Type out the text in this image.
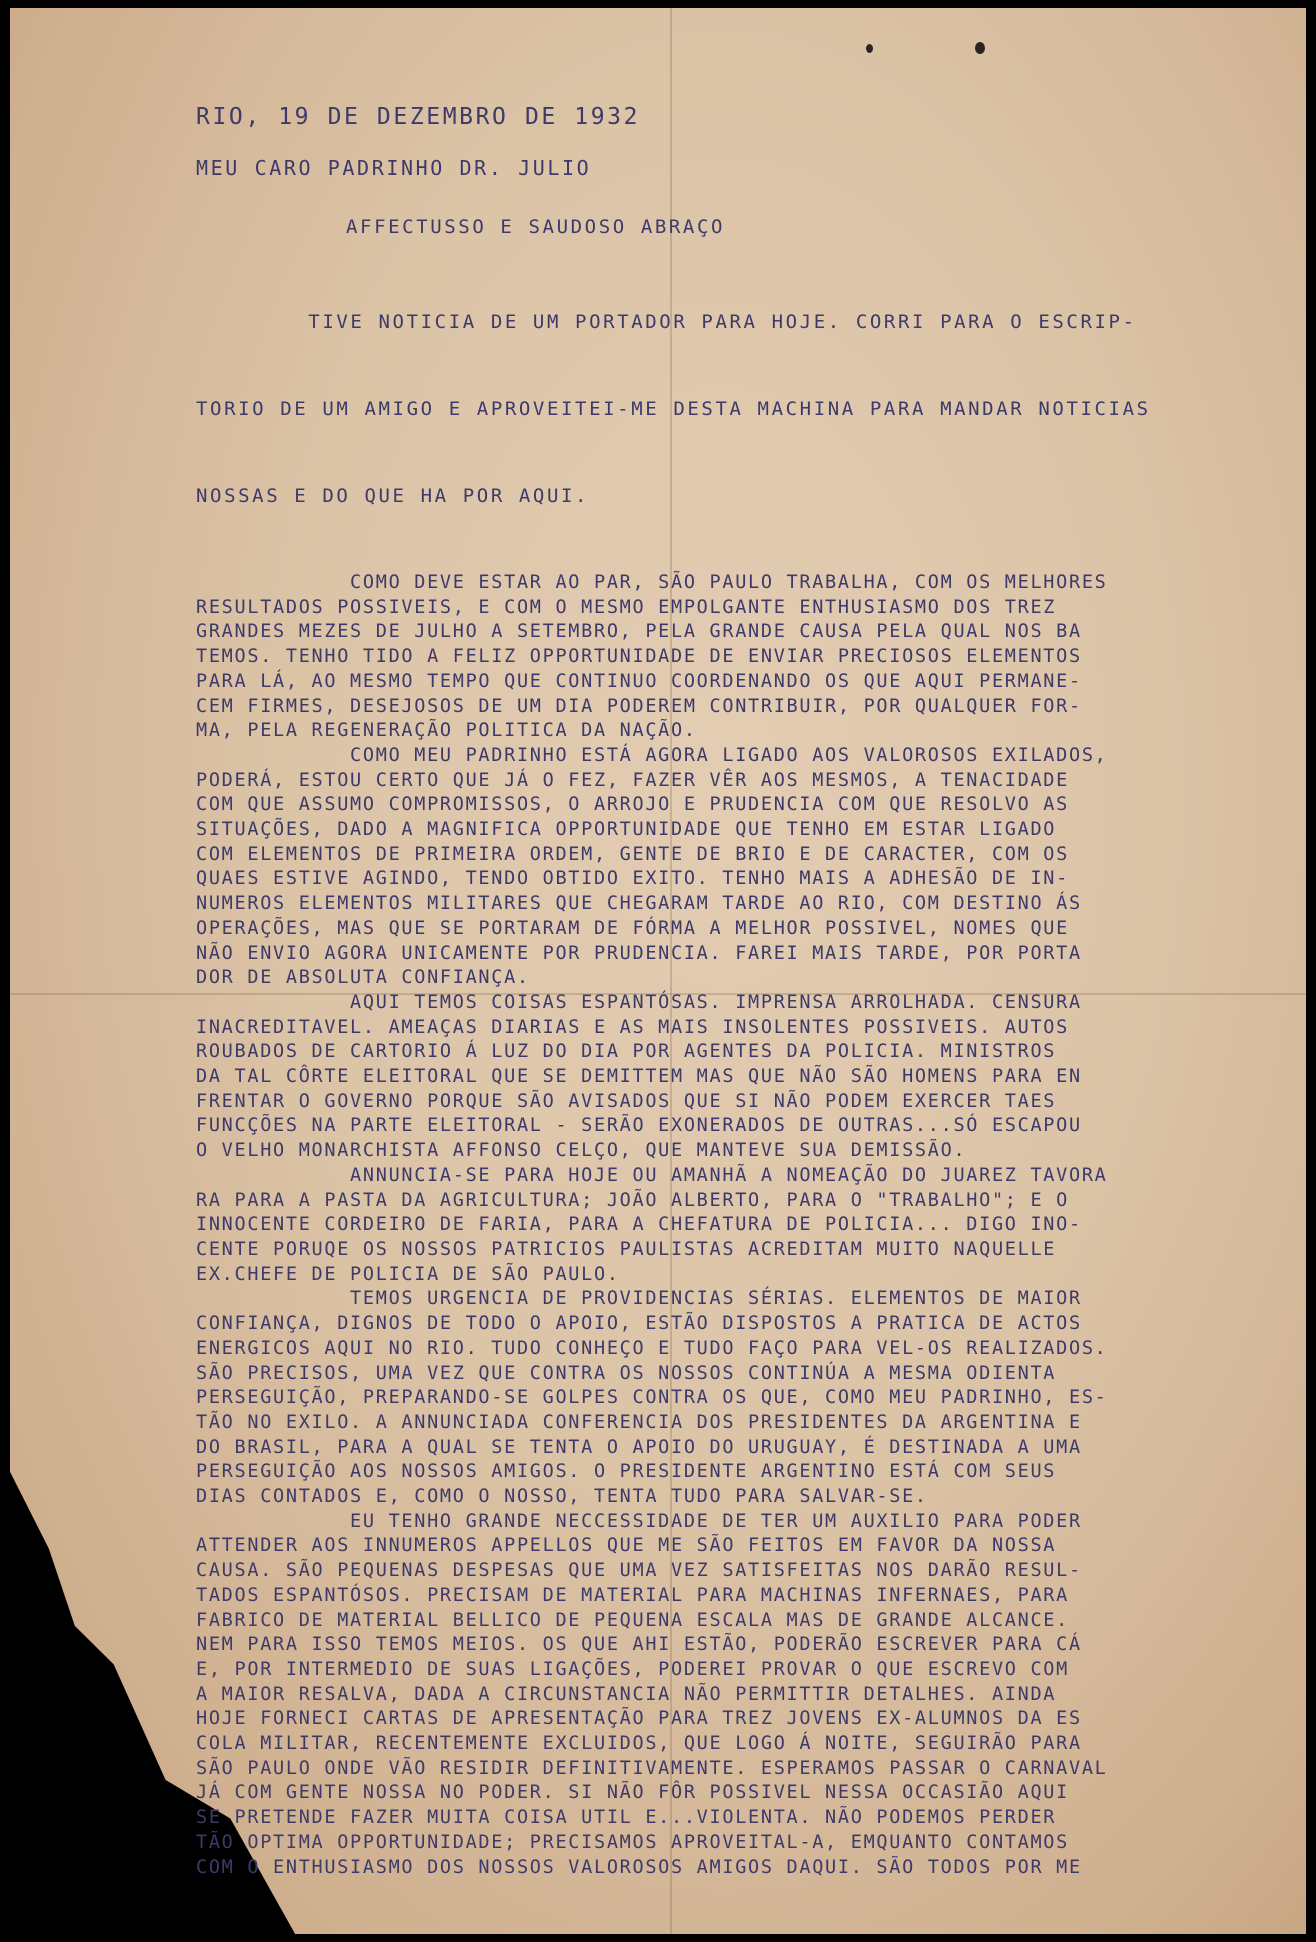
RIO, 19 DE DEZEMBRO DE 1932
MEU CARO PADRINHO DR. JULIO
AFFECTUSSO E SAUDOSO ABRAÇO

TIVE NOTICIA DE UM PORTADOR PARA HOJE. CORRI PARA O ESCRIP-

TORIO DE UM AMIGO E APROVEITEI-ME DESTA MACHINA PARA MANDAR NOTICIAS

NOSSAS E DO QUE HA POR AQUI.

COMO DEVE ESTAR AO PAR, SÃO PAULO TRABALHA, COM OS MELHORES
RESULTADOS POSSIVEIS, E COM O MESMO EMPOLGANTE ENTHUSIASMO DOS TREZ
GRANDES MEZES DE JULHO A SETEMBRO, PELA GRANDE CAUSA PELA QUAL NOS BA
TEMOS. TENHO TIDO A FELIZ OPPORTUNIDADE DE ENVIAR PRECIOSOS ELEMENTOS
PARA LÁ, AO MESMO TEMPO QUE CONTINUO COORDENANDO OS QUE AQUI PERMANE-
CEM FIRMES, DESEJOSOS DE UM DIA PODEREM CONTRIBUIR, POR QUALQUER FOR-
MA, PELA REGENERAÇÃO POLITICA DA NAÇÃO.
COMO MEU PADRINHO ESTÁ AGORA LIGADO AOS VALOROSOS EXILADOS,
PODERÁ, ESTOU CERTO QUE JÁ O FEZ, FAZER VÊR AOS MESMOS, A TENACIDADE
COM QUE ASSUMO COMPROMISSOS, O ARROJO E PRUDENCIA COM QUE RESOLVO AS
SITUAÇÕES, DADO A MAGNIFICA OPPORTUNIDADE QUE TENHO EM ESTAR LIGADO
COM ELEMENTOS DE PRIMEIRA ORDEM, GENTE DE BRIO E DE CARACTER, COM OS
QUAES ESTIVE AGINDO, TENDO OBTIDO EXITO. TENHO MAIS A ADHESÃO DE IN-
NUMEROS ELEMENTOS MILITARES QUE CHEGARAM TARDE AO RIO, COM DESTINO ÁS
OPERAÇÕES, MAS QUE SE PORTARAM DE FÓRMA A MELHOR POSSIVEL, NOMES QUE
NÃO ENVIO AGORA UNICAMENTE POR PRUDENCIA. FAREI MAIS TARDE, POR PORTA
DOR DE ABSOLUTA CONFIANÇA.
AQUI TEMOS COISAS ESPANTÓSAS. IMPRENSA ARROLHADA. CENSURA
INACREDITAVEL. AMEAÇAS DIARIAS E AS MAIS INSOLENTES POSSIVEIS. AUTOS
ROUBADOS DE CARTORIO Á LUZ DO DIA POR AGENTES DA POLICIA. MINISTROS
DA TAL CÔRTE ELEITORAL QUE SE DEMITTEM MAS QUE NÃO SÃO HOMENS PARA EN
FRENTAR O GOVERNO PORQUE SÃO AVISADOS QUE SI NÃO PODEM EXERCER TAES
FUNCÇÕES NA PARTE ELEITORAL - SERÃO EXONERADOS DE OUTRAS...SÓ ESCAPOU
O VELHO MONARCHISTA AFFONSO CELÇO, QUE MANTEVE SUA DEMISSÃO.
ANNUNCIA-SE PARA HOJE OU AMANHÃ A NOMEAÇÃO DO JUAREZ TAVORA
RA PARA A PASTA DA AGRICULTURA; JOÃO ALBERTO, PARA O "TRABALHO"; E O
INNOCENTE CORDEIRO DE FARIA, PARA A CHEFATURA DE POLICIA... DIGO INO-
CENTE PORUQE OS NOSSOS PATRICIOS PAULISTAS ACREDITAM MUITO NAQUELLE
EX.CHEFE DE POLICIA DE SÃO PAULO.
TEMOS URGENCIA DE PROVIDENCIAS SÉRIAS. ELEMENTOS DE MAIOR
CONFIANÇA, DIGNOS DE TODO O APOIO, ESTÃO DISPOSTOS A PRATICA DE ACTOS
ENERGICOS AQUI NO RIO. TUDO CONHEÇO E TUDO FAÇO PARA VEL-OS REALIZADOS.
SÃO PRECISOS, UMA VEZ QUE CONTRA OS NOSSOS CONTINÚA A MESMA ODIENTA
PERSEGUIÇÃO, PREPARANDO-SE GOLPES CONTRA OS QUE, COMO MEU PADRINHO, ES-
TÃO NO EXILO. A ANNUNCIADA CONFERENCIA DOS PRESIDENTES DA ARGENTINA E
DO BRASIL, PARA A QUAL SE TENTA O APOIO DO URUGUAY, É DESTINADA A UMA
PERSEGUIÇÃO AOS NOSSOS AMIGOS. O PRESIDENTE ARGENTINO ESTÁ COM SEUS
DIAS CONTADOS E, COMO O NOSSO, TENTA TUDO PARA SALVAR-SE.
EU TENHO GRANDE NECCESSIDADE DE TER UM AUXILIO PARA PODER
ATTENDER AOS INNUMEROS APPELLOS QUE ME SÃO FEITOS EM FAVOR DA NOSSA
CAUSA. SÃO PEQUENAS DESPESAS QUE UMA VEZ SATISFEITAS NOS DARÃO RESUL-
TADOS ESPANTÓSOS. PRECISAM DE MATERIAL PARA MACHINAS INFERNAES, PARA
FABRICO DE MATERIAL BELLICO DE PEQUENA ESCALA MAS DE GRANDE ALCANCE.
NEM PARA ISSO TEMOS MEIOS. OS QUE AHI ESTÃO, PODERÃO ESCREVER PARA CÁ
E, POR INTERMEDIO DE SUAS LIGAÇÕES, PODEREI PROVAR O QUE ESCREVO COM
A MAIOR RESALVA, DADA A CIRCUNSTANCIA NÃO PERMITTIR DETALHES. AINDA
HOJE FORNECI CARTAS DE APRESENTAÇÃO PARA TREZ JOVENS EX-ALUMNOS DA ES
COLA MILITAR, RECENTEMENTE EXCLUIDOS, QUE LOGO Á NOITE, SEGUIRÃO PARA
SÃO PAULO ONDE VÃO RESIDIR DEFINITIVAMENTE. ESPERAMOS PASSAR O CARNAVAL
JÁ COM GENTE NOSSA NO PODER. SI NÃO FÔR POSSIVEL NESSA OCCASIÃO AQUI
SE PRETENDE FAZER MUITA COISA UTIL E...VIOLENTA. NÃO PODEMOS PERDER
TÃO OPTIMA OPPORTUNIDADE; PRECISAMOS APROVEITAL-A, EMQUANTO CONTAMOS
COM O ENTHUSIASMO DOS NOSSOS VALOROSOS AMIGOS DAQUI. SÃO TODOS POR ME
